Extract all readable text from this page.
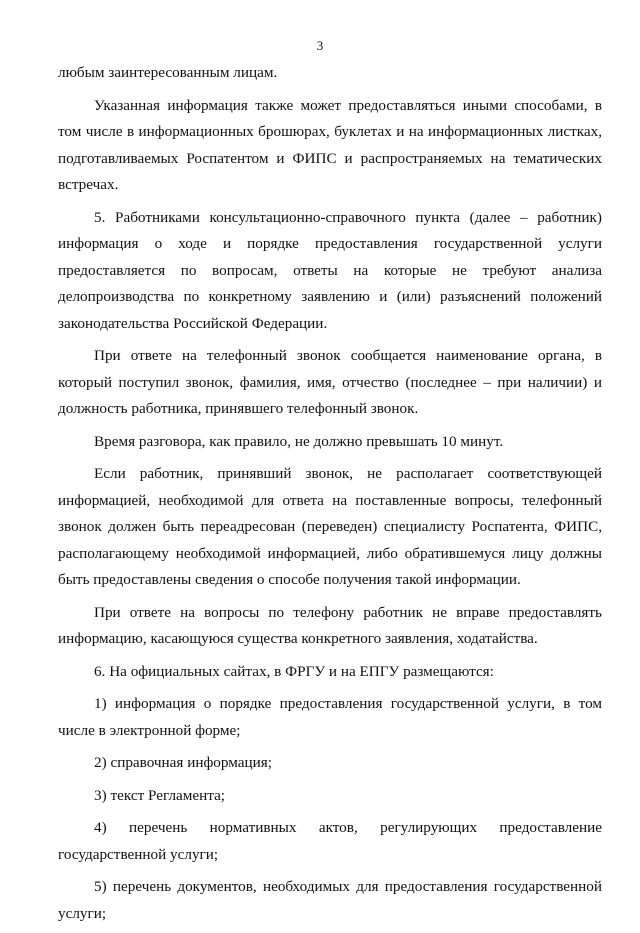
3

любым заинтересованным лицам.

Указанная информация также может предоставляться иными способами, в том числе в информационных брошюрах, буклетах и на информационных листках, подготавливаемых Роспатентом и ФИПС и распространяемых на тематических встречах.

5. Работниками консультационно-справочного пункта (далее – работник) информация о ходе и порядке предоставления государственной услуги предоставляется по вопросам, ответы на которые не требуют анализа делопроизводства по конкретному заявлению и (или) разъяснений положений законодательства Российской Федерации.

При ответе на телефонный звонок сообщается наименование органа, в который поступил звонок, фамилия, имя, отчество (последнее – при наличии) и должность работника, принявшего телефонный звонок.

Время разговора, как правило, не должно превышать 10 минут.

Если работник, принявший звонок, не располагает соответствующей информацией, необходимой для ответа на поставленные вопросы, телефонный звонок должен быть переадресован (переведен) специалисту Роспатента, ФИПС, располагающему необходимой информацией, либо обратившемуся лицу должны быть предоставлены сведения о способе получения такой информации.

При ответе на вопросы по телефону работник не вправе предоставлять информацию, касающуюся существа конкретного заявления, ходатайства.

6. На официальных сайтах, в ФРГУ и на ЕПГУ размещаются:

1) информация о порядке предоставления государственной услуги, в том числе в электронной форме;

2) справочная информация;

3) текст Регламента;

4) перечень нормативных актов, регулирующих предоставление государственной услуги;

5) перечень документов, необходимых для предоставления государственной услуги;
